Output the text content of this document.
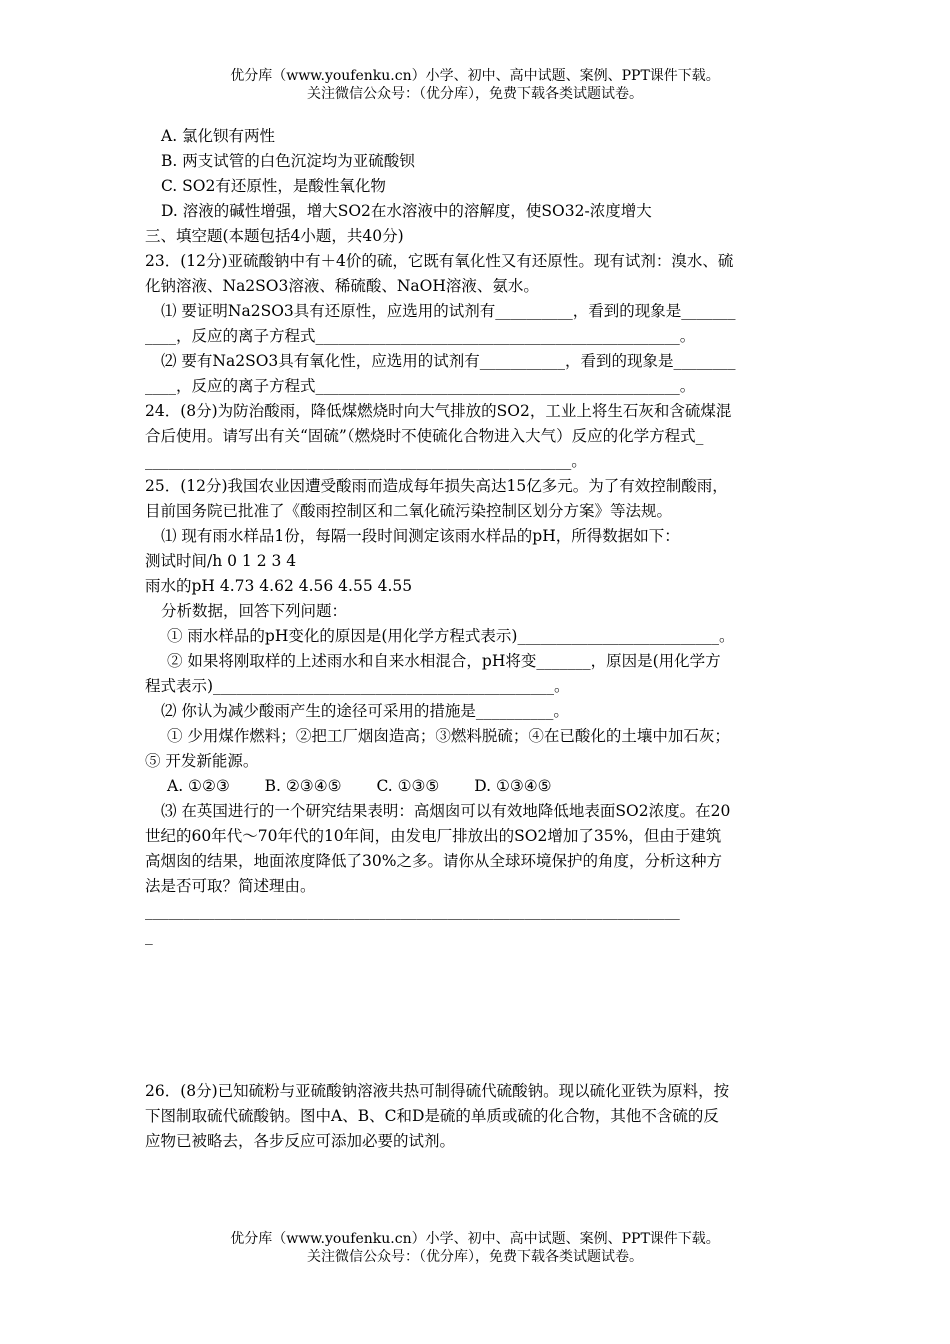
优分库（www.youfenku.cn）小学、初中、高中试题、案例、PPT课件下载。
关注微信公众号：（优分库），免费下载各类试题试卷。
A. 氯化钡有两性
B. 两支试管的白色沉淀均为亚硫酸钡
C. SO2有还原性，是酸性氧化物
D. 溶液的碱性增强，增大SO2在水溶液中的溶解度，使SO32-浓度增大
三、填空题(本题包括4小题，共40分)
23．(12分)亚硫酸钠中有＋4价的硫，它既有氧化性又有还原性。现有试剂：溴水、硫
化钠溶液、Na2SO3溶液、稀硫酸、NaOH溶液、氨水。
⑴ 要证明Na2SO3具有还原性，应选用的试剂有__________，看到的现象是_______
____，反应的离子方程式_______________________________________________。
⑵ 要有Na2SO3具有氧化性，应选用的试剂有___________，看到的现象是________
____，反应的离子方程式_______________________________________________。
24．(8分)为防治酸雨，降低煤燃烧时向大气排放的SO2，工业上将生石灰和含硫煤混
合后使用。请写出有关“固硫”（燃烧时不使硫化合物进入大气）反应的化学方程式_
_______________________________________________________。
25．(12分)我国农业因遭受酸雨而造成每年损失高达15亿多元。为了有效控制酸雨，
目前国务院已批准了《酸雨控制区和二氧化硫污染控制区划分方案》等法规。
⑴ 现有雨水样品1份，每隔一段时间测定该雨水样品的pH，所得数据如下：
测试时间/h 0 1 2 3 4
雨水的pH 4.73 4.62 4.56 4.55 4.55
分析数据，回答下列问题：
① 雨水样品的pH变化的原因是(用化学方程式表示)__________________________。
② 如果将刚取样的上述雨水和自来水相混合，pH将变_______，原因是(用化学方
程式表示)____________________________________________。
⑵ 你认为减少酸雨产生的途径可采用的措施是__________。
① 少用煤作燃料；②把工厂烟囱造高；③燃料脱硫；④在已酸化的土壤中加石灰；
⑤ 开发新能源。
A. ①②③ B. ②③④⑤ C. ①③⑤ D. ①③④⑤
⑶ 在英国进行的一个研究结果表明：高烟囱可以有效地降低地表面SO2浓度。在20
世纪的60年代～70年代的10年间，由发电厂排放出的SO2增加了35%，但由于建筑
高烟囱的结果，地面浓度降低了30%之多。请你从全球环境保护的角度，分析这种方
法是否可取？简述理由。
_____________________________________________________________________
_
26．(8分)已知硫粉与亚硫酸钠溶液共热可制得硫代硫酸钠。现以硫化亚铁为原料，按
下图制取硫代硫酸钠。图中A、B、C和D是硫的单质或硫的化合物，其他不含硫的反
应物已被略去，各步反应可添加必要的试剂。
优分库（www.youfenku.cn）小学、初中、高中试题、案例、PPT课件下载。
关注微信公众号：（优分库），免费下载各类试题试卷。
